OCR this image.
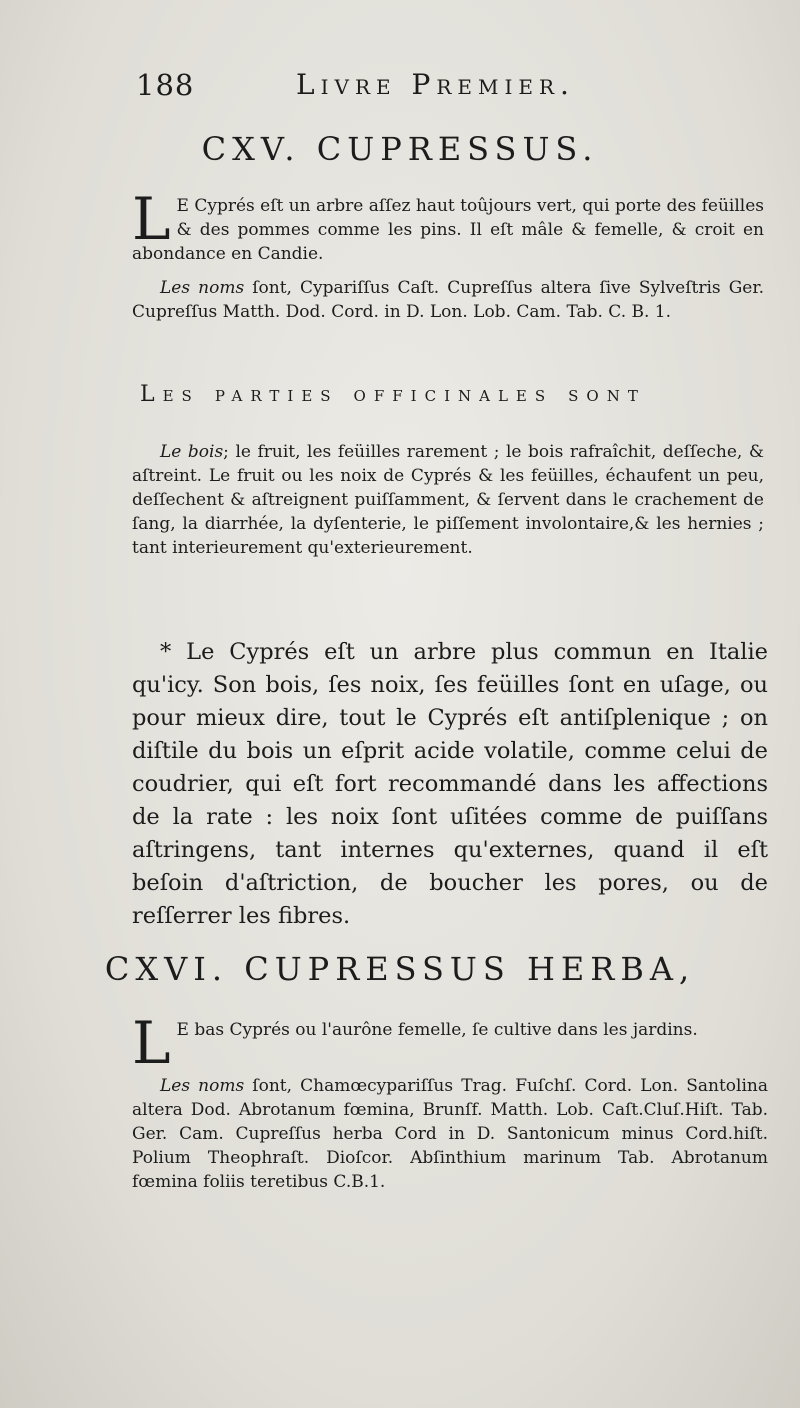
188	Livre Premier.
CXV. CUPRESSUS.

L E Cyprés eſt un arbre aſſez haut toûjours vert, qui porte des feüilles & des pommes comme les pins. Il eſt mâle & femelle, & croit en abondance en Candie.

Les noms ſont, Cypariſſus Caſt. Cupreſſus altera ſive Sylveſtris Ger. Cupreſſus Matth. Dod. Cord. in D. Lon. Lob. Cam. Tab. C. B. 1.

Les parties officinales sont

Le bois; le fruit, les feüilles rarement ; le bois rafraîchit, deſſeche, & aſtreint. Le fruit ou les noix de Cyprés & les feüilles, échaufent un peu, deſſechent & aſtreignent puiſſamment, & ſervent dans le crachement de ſang, la diarrhée, la dyſenterie, le piſſement involontaire,& les hernies ; tant interieurement qu'exterieurement.

* Le Cyprés eſt un arbre plus commun en Italie qu'icy. Son bois, ſes noix, ſes feüilles ſont en uſage, ou pour mieux dire, tout le Cyprés eſt antiſplenique ; on diſtile du bois un eſprit acide volatile, comme celui de coudrier, qui eſt fort recommandé dans les affections de la rate : les noix ſont uſitées comme de puiſſans aſtringens, tant internes qu'externes, quand il eſt beſoin d'aſtriction, de boucher les pores, ou de reſſerrer les fibres.

CXVI. CUPRESSUS HERBA,

L E bas Cyprés ou l'aurône femelle, ſe cultive dans les jardins.

Les noms ſont, Chamœcypariſſus Trag. Fuſchſ. Cord. Lon. Santolina altera Dod. Abrotanum fœmina, Brunſf. Matth. Lob. Caſt.Cluſ.Hiſt. Tab. Ger. Cam. Cupreſſus herba Cord in D. Santonicum minus Cord.hiſt. Polium Theophraſt. Dioſcor. Abſinthium marinum Tab. Abrotanum fœmina foliis teretibus C.B.1.
